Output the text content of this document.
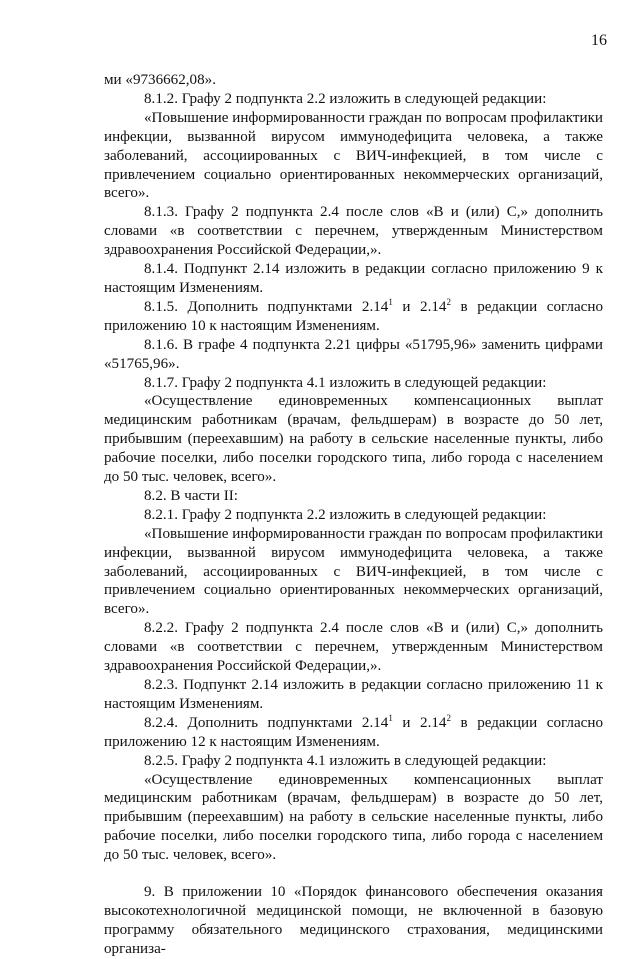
16

ми «9736662,08».

8.1.2. Графу 2 подпункта 2.2 изложить в следующей редакции:

«Повышение информированности граждан по вопросам профилактики инфекции, вызванной вирусом иммунодефицита человека, а также заболеваний, ассоциированных с ВИЧ-инфекцией, в том числе с привлечением социально ориентированных некоммерческих организаций, всего».

8.1.3. Графу 2 подпункта 2.4 после слов «В и (или) С,» дополнить словами «в соответствии с перечнем, утвержденным Министерством здравоохранения Российской Федерации,».

8.1.4. Подпункт 2.14 изложить в редакции согласно приложению 9 к настоящим Изменениям.

8.1.5. Дополнить подпунктами 2.14$^1$ и 2.14$^2$ в редакции согласно приложению 10 к настоящим Изменениям.

8.1.6. В графе 4 подпункта 2.21 цифры «51795,96» заменить цифрами «51765,96».

8.1.7. Графу 2 подпункта 4.1 изложить в следующей редакции:

«Осуществление единовременных компенсационных выплат медицинским работникам (врачам, фельдшерам) в возрасте до 50 лет, прибывшим (переехавшим) на работу в сельские населенные пункты, либо рабочие поселки, либо поселки городского типа, либо города с населением до 50 тыс. человек, всего».

8.2. В части II:

8.2.1. Графу 2 подпункта 2.2 изложить в следующей редакции:

«Повышение информированности граждан по вопросам профилактики инфекции, вызванной вирусом иммунодефицита человека, а также заболеваний, ассоциированных с ВИЧ-инфекцией, в том числе с привлечением социально ориентированных некоммерческих организаций, всего».

8.2.2. Графу 2 подпункта 2.4 после слов «В и (или) С,» дополнить словами «в соответствии с перечнем, утвержденным Министерством здравоохранения Российской Федерации,».

8.2.3. Подпункт 2.14 изложить в редакции согласно приложению 11 к настоящим Изменениям.

8.2.4. Дополнить подпунктами 2.14$^1$ и 2.14$^2$ в редакции согласно приложению 12 к настоящим Изменениям.

8.2.5. Графу 2 подпункта 4.1 изложить в следующей редакции:

«Осуществление единовременных компенсационных выплат медицинским работникам (врачам, фельдшерам) в возрасте до 50 лет, прибывшим (переехавшим) на работу в сельские населенные пункты, либо рабочие поселки, либо поселки городского типа, либо города с населением до 50 тыс. человек, всего».

9. В приложении 10 «Порядок финансового обеспечения оказания высокотехнологичной медицинской помощи, не включенной в базовую программу обязательного медицинского страхования, медицинскими организа-
